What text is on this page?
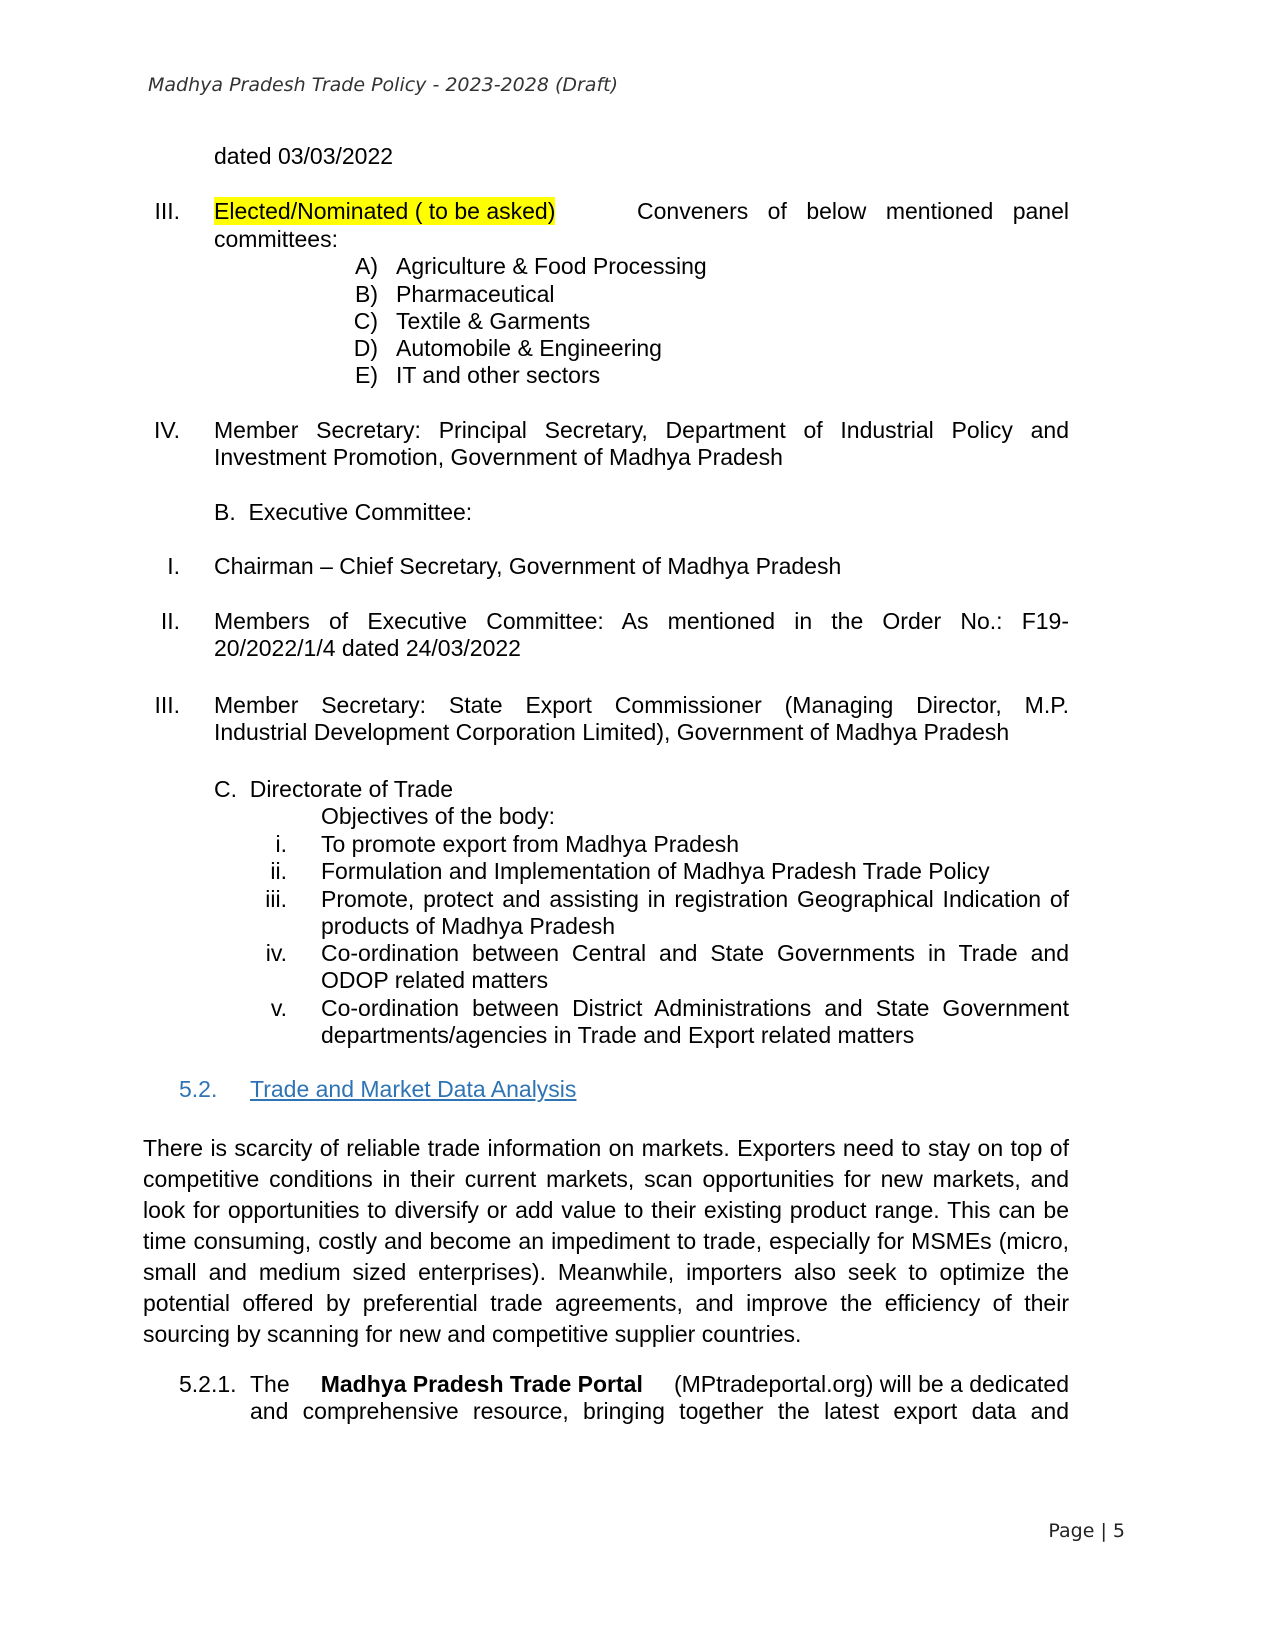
Madhya Pradesh Trade Policy - 2023-2028 (Draft)
dated 03/03/2022
III. Elected/Nominated ( to be asked)	Conveners of below mentioned panel
committees:
A) Agriculture & Food Processing
B) Pharmaceutical
C) Textile & Garments
D) Automobile & Engineering
E) IT and other sectors
IV. Member Secretary: Principal Secretary, Department of Industrial Policy and
Investment Promotion, Government of Madhya Pradesh
B.  Executive Committee:
I. Chairman – Chief Secretary, Government of Madhya Pradesh
II. Members of Executive Committee: As mentioned in the Order No.: F19-
20/2022/1/4 dated 24/03/2022
III. Member Secretary: State Export Commissioner (Managing Director, M.P.
Industrial Development Corporation Limited), Government of Madhya Pradesh
C.  Directorate of Trade
Objectives of the body:
i. To promote export from Madhya Pradesh
ii. Formulation and Implementation of Madhya Pradesh Trade Policy
iii. Promote, protect and assisting in registration Geographical Indication of
products of Madhya Pradesh
iv. Co-ordination between Central and State Governments in Trade and
ODOP related matters
v. Co-ordination between District Administrations and State Government
departments/agencies in Trade and Export related matters
5.2. Trade and Market Data Analysis
There is scarcity of reliable trade information on markets. Exporters need to stay on top of competitive conditions in their current markets, scan opportunities for new markets, and look for opportunities to diversify or add value to their existing product range. This can be time consuming, costly and become an impediment to trade, especially for MSMEs (micro, small and medium sized enterprises). Meanwhile, importers also seek to optimize the potential offered by preferential trade agreements, and improve the efficiency of their sourcing by scanning for new and competitive supplier countries.
5.2.1. The Madhya Pradesh Trade Portal (MPtradeportal.org) will be a dedicated
and comprehensive resource, bringing together the latest export data and
Page | 5
